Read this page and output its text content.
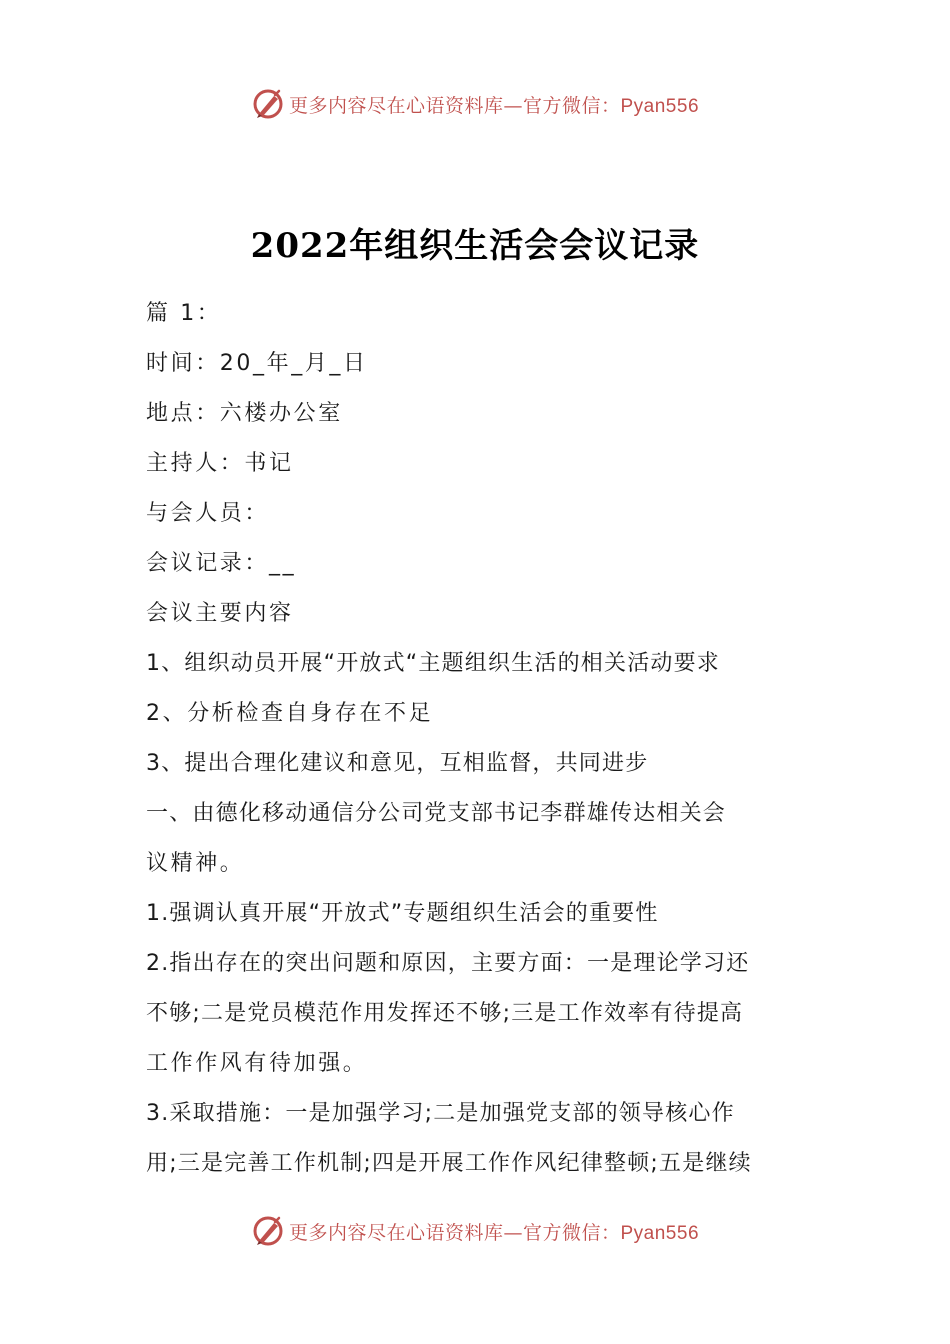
更多内容尽在心语资料库—官方微信：Pyan556
2022年组织生活会会议记录
篇 1：
时间：20_年_月_日
地点：六楼办公室
主持人：书记
与会人员：
会议记录：__
会议主要内容
1、组织动员开展“开放式“主题组织生活的相关活动要求
2、分析检查自身存在不足
3、提出合理化建议和意见，互相监督，共同进步
一、由德化移动通信分公司党支部书记李群雄传达相关会
议精神。
1.强调认真开展“开放式”专题组织生活会的重要性
2.指出存在的突出问题和原因，主要方面：一是理论学习还
不够;二是党员模范作用发挥还不够;三是工作效率有待提高
工作作风有待加强。
3.采取措施：一是加强学习;二是加强党支部的领导核心作
用;三是完善工作机制;四是开展工作作风纪律整顿;五是继续
更多内容尽在心语资料库—官方微信：Pyan556
